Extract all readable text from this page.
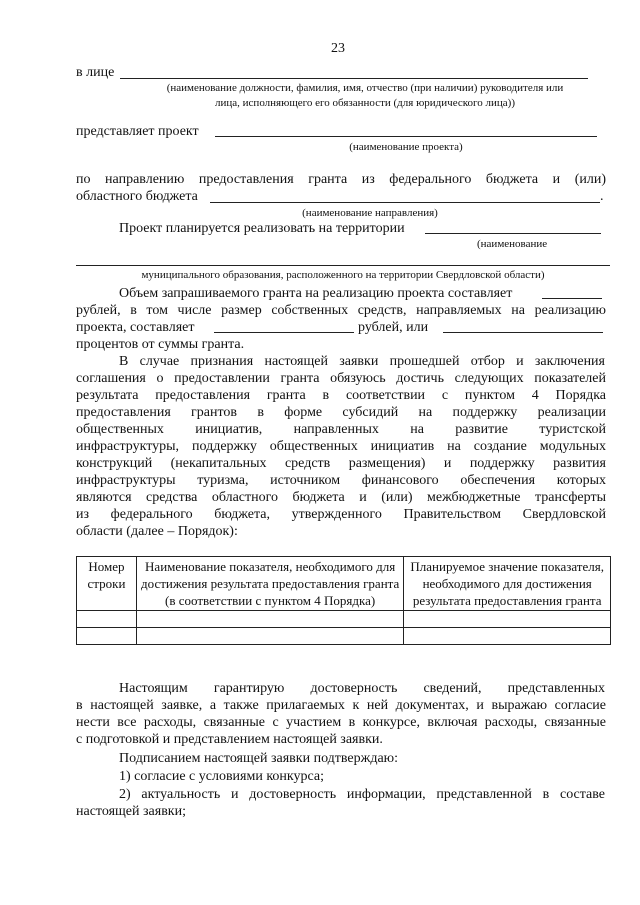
23
в лице
(наименование должности, фамилия, имя, отчество (при наличии) руководителя или
лица, исполняющего его обязанности (для юридического лица))
представляет проект
(наименование проекта)
по направлению предоставления гранта из федерального бюджета и (или)
областного бюджета	.
(наименование направления)
Проект планируется реализовать на территории
(наименование
муниципального образования, расположенного на территории Свердловской области)
Объем запрашиваемого гранта на реализацию проекта составляет
рублей, в том числе размер собственных средств, направляемых на реализацию
проекта, составляет	рублей, или
процентов от суммы гранта.
В случае признания настоящей заявки прошедшей отбор и заключения
соглашения о предоставлении гранта обязуюсь достичь следующих показателей
результата предоставления гранта в соответствии с пунктом 4 Порядка
предоставления грантов в форме субсидий на поддержку реализации
общественных инициатив, направленных на развитие туристской
инфраструктуры, поддержку общественных инициатив на создание модульных
конструкций (некапитальных средств размещения) и поддержку развития
инфраструктуры туризма, источником финансового обеспечения которых
являются средства областного бюджета и (или) межбюджетные трансферты
из федерального бюджета, утвержденного Правительством Свердловской
области (далее – Порядок):
Номер строки	Наименование показателя, необходимого для достижения результата предоставления гранта (в соответствии с пунктом 4 Порядка)	Планируемое значение показателя, необходимого для достижения результата предоставления гранта

Настоящим гарантирую достоверность сведений, представленных
в настоящей заявке, а также прилагаемых к ней документах, и выражаю согласие
нести все расходы, связанные с участием в конкурсе, включая расходы, связанные
с подготовкой и представлением настоящей заявки.
Подписанием настоящей заявки подтверждаю:
1) согласие с условиями конкурса;
2) актуальность и достоверность информации, представленной в составе
настоящей заявки;
